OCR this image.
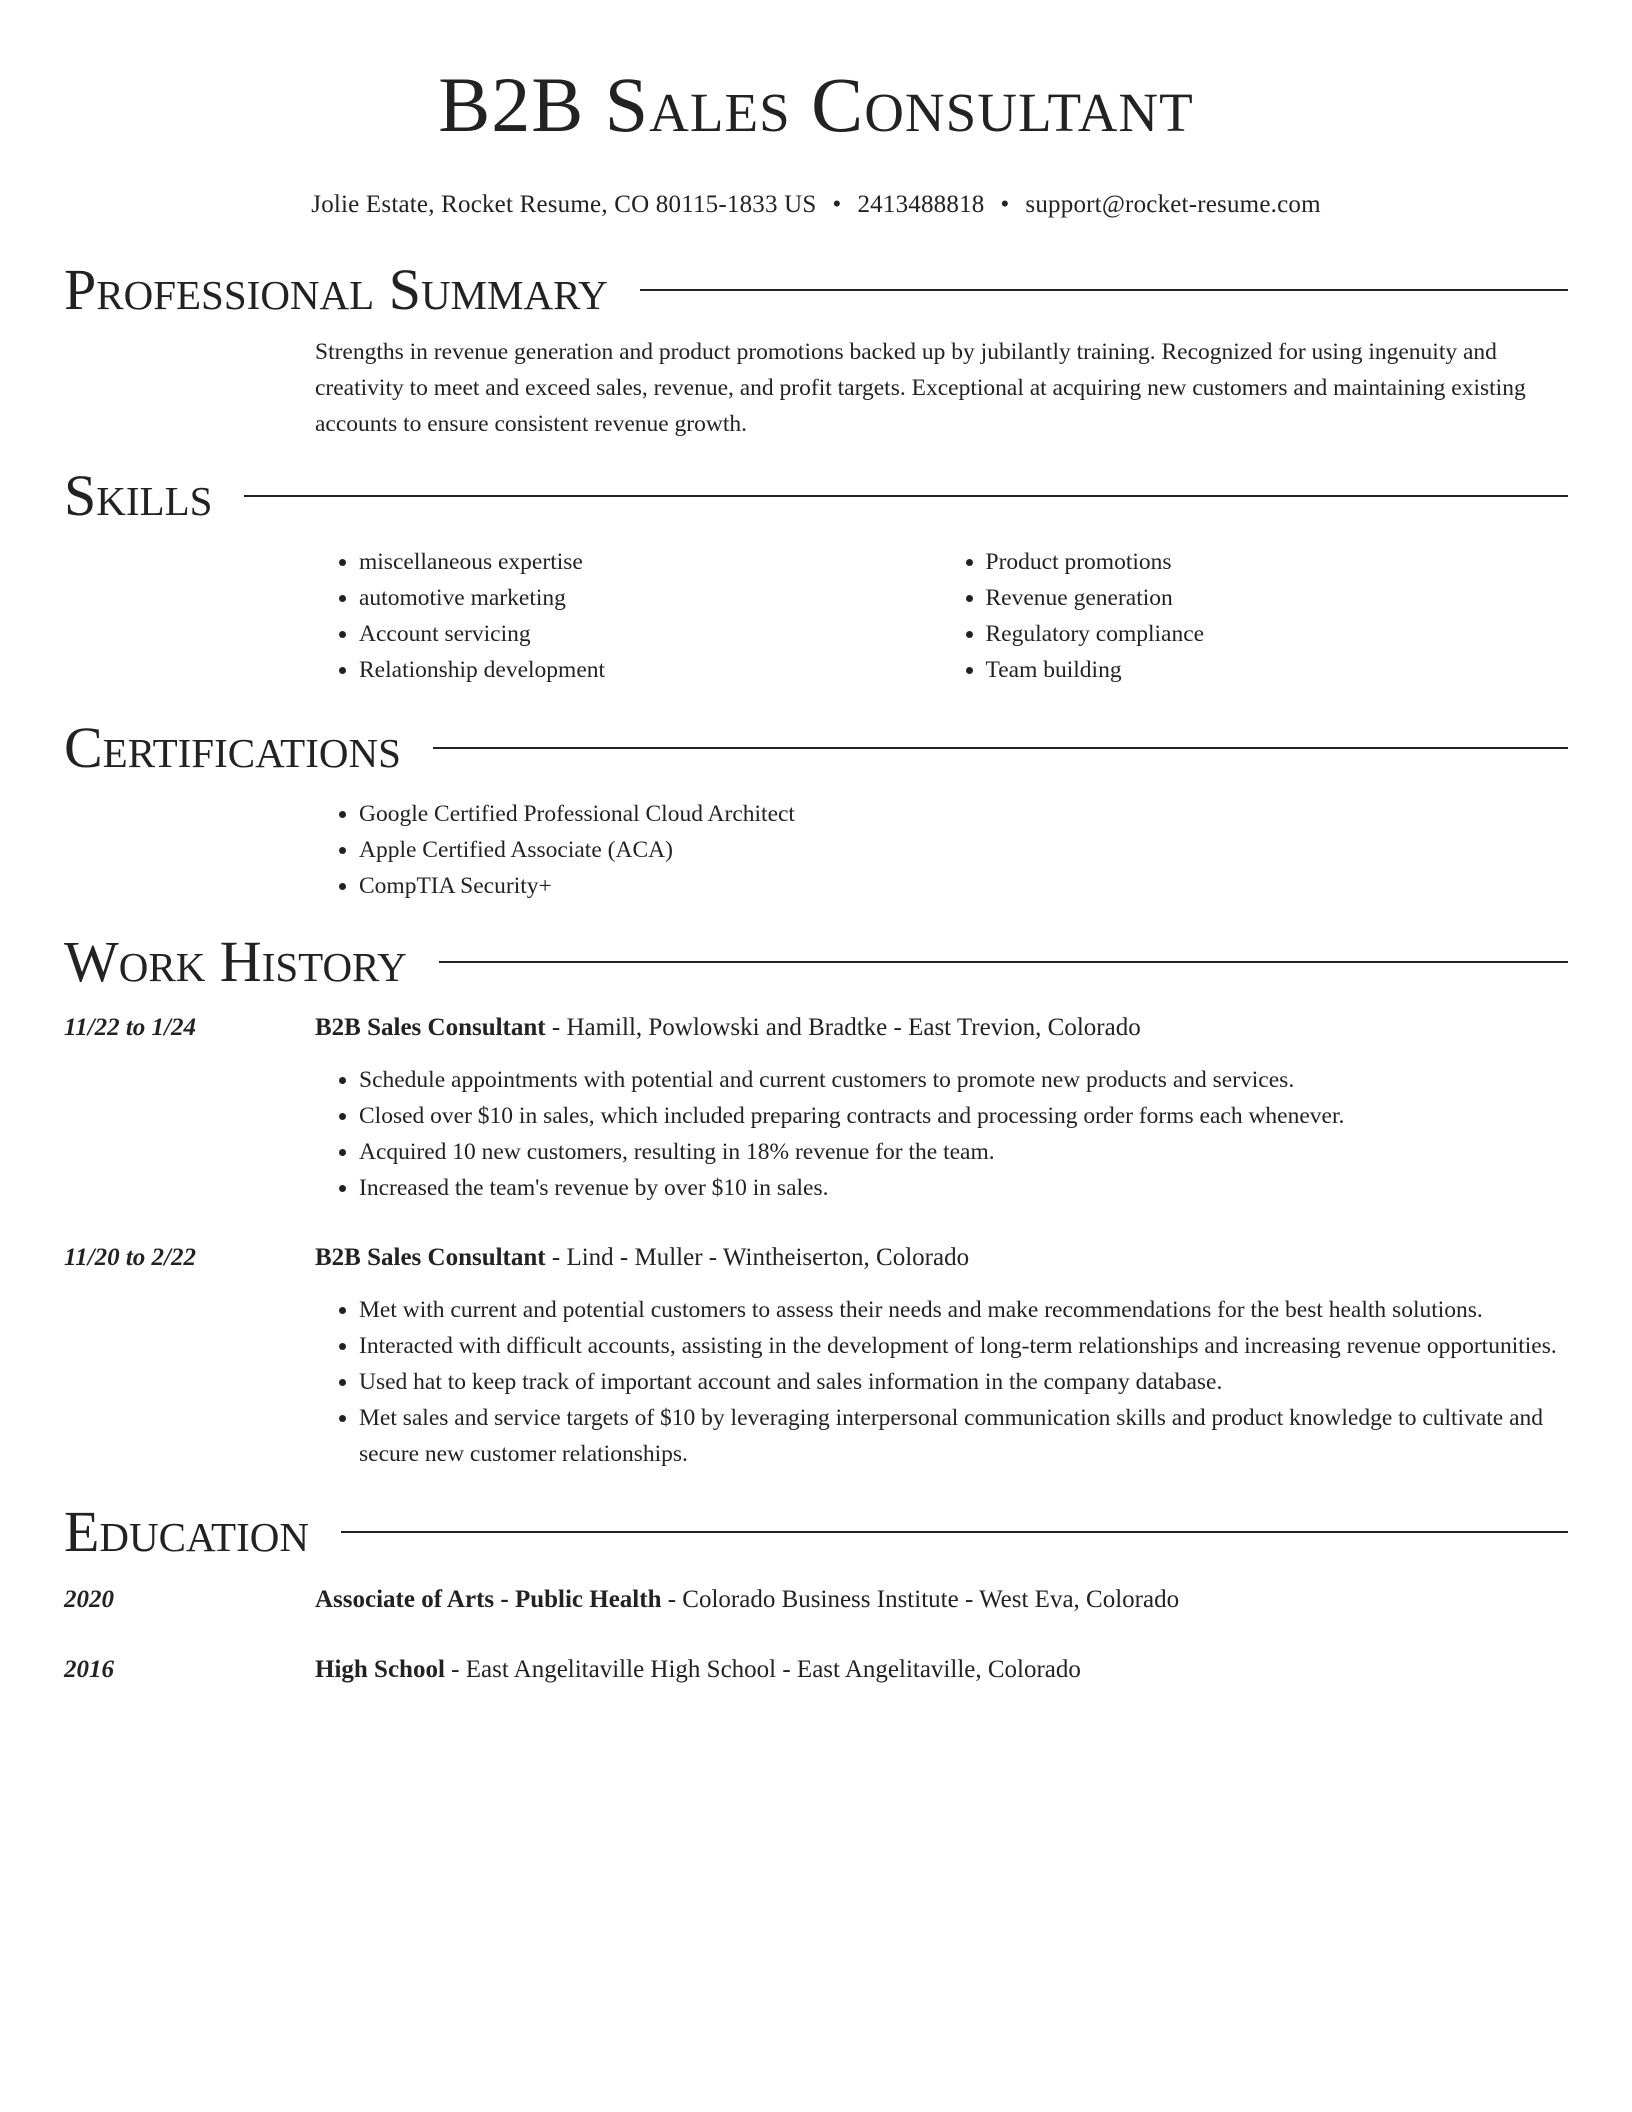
B2B Sales Consultant
Jolie Estate, Rocket Resume, CO 80115-1833 US • 2413488818 • support@rocket-resume.com
Professional Summary
Strengths in revenue generation and product promotions backed up by jubilantly training. Recognized for using ingenuity and creativity to meet and exceed sales, revenue, and profit targets. Exceptional at acquiring new customers and maintaining existing accounts to ensure consistent revenue growth.
Skills
• miscellaneous expertise
• automotive marketing
• Account servicing
• Relationship development
• Product promotions
• Revenue generation
• Regulatory compliance
• Team building
Certifications
• Google Certified Professional Cloud Architect
• Apple Certified Associate (ACA)
• CompTIA Security+
Work History
11/22 to 1/24	B2B Sales Consultant - Hamill, Powlowski and Bradtke - East Trevion, Colorado
• Schedule appointments with potential and current customers to promote new products and services.
• Closed over $10 in sales, which included preparing contracts and processing order forms each whenever.
• Acquired 10 new customers, resulting in 18% revenue for the team.
• Increased the team's revenue by over $10 in sales.
11/20 to 2/22	B2B Sales Consultant - Lind - Muller - Wintheiserton, Colorado
• Met with current and potential customers to assess their needs and make recommendations for the best health solutions.
• Interacted with difficult accounts, assisting in the development of long-term relationships and increasing revenue opportunities.
• Used hat to keep track of important account and sales information in the company database.
• Met sales and service targets of $10 by leveraging interpersonal communication skills and product knowledge to cultivate and secure new customer relationships.
Education
2020	Associate of Arts - Public Health - Colorado Business Institute - West Eva, Colorado
2016	High School - East Angelitaville High School - East Angelitaville, Colorado
